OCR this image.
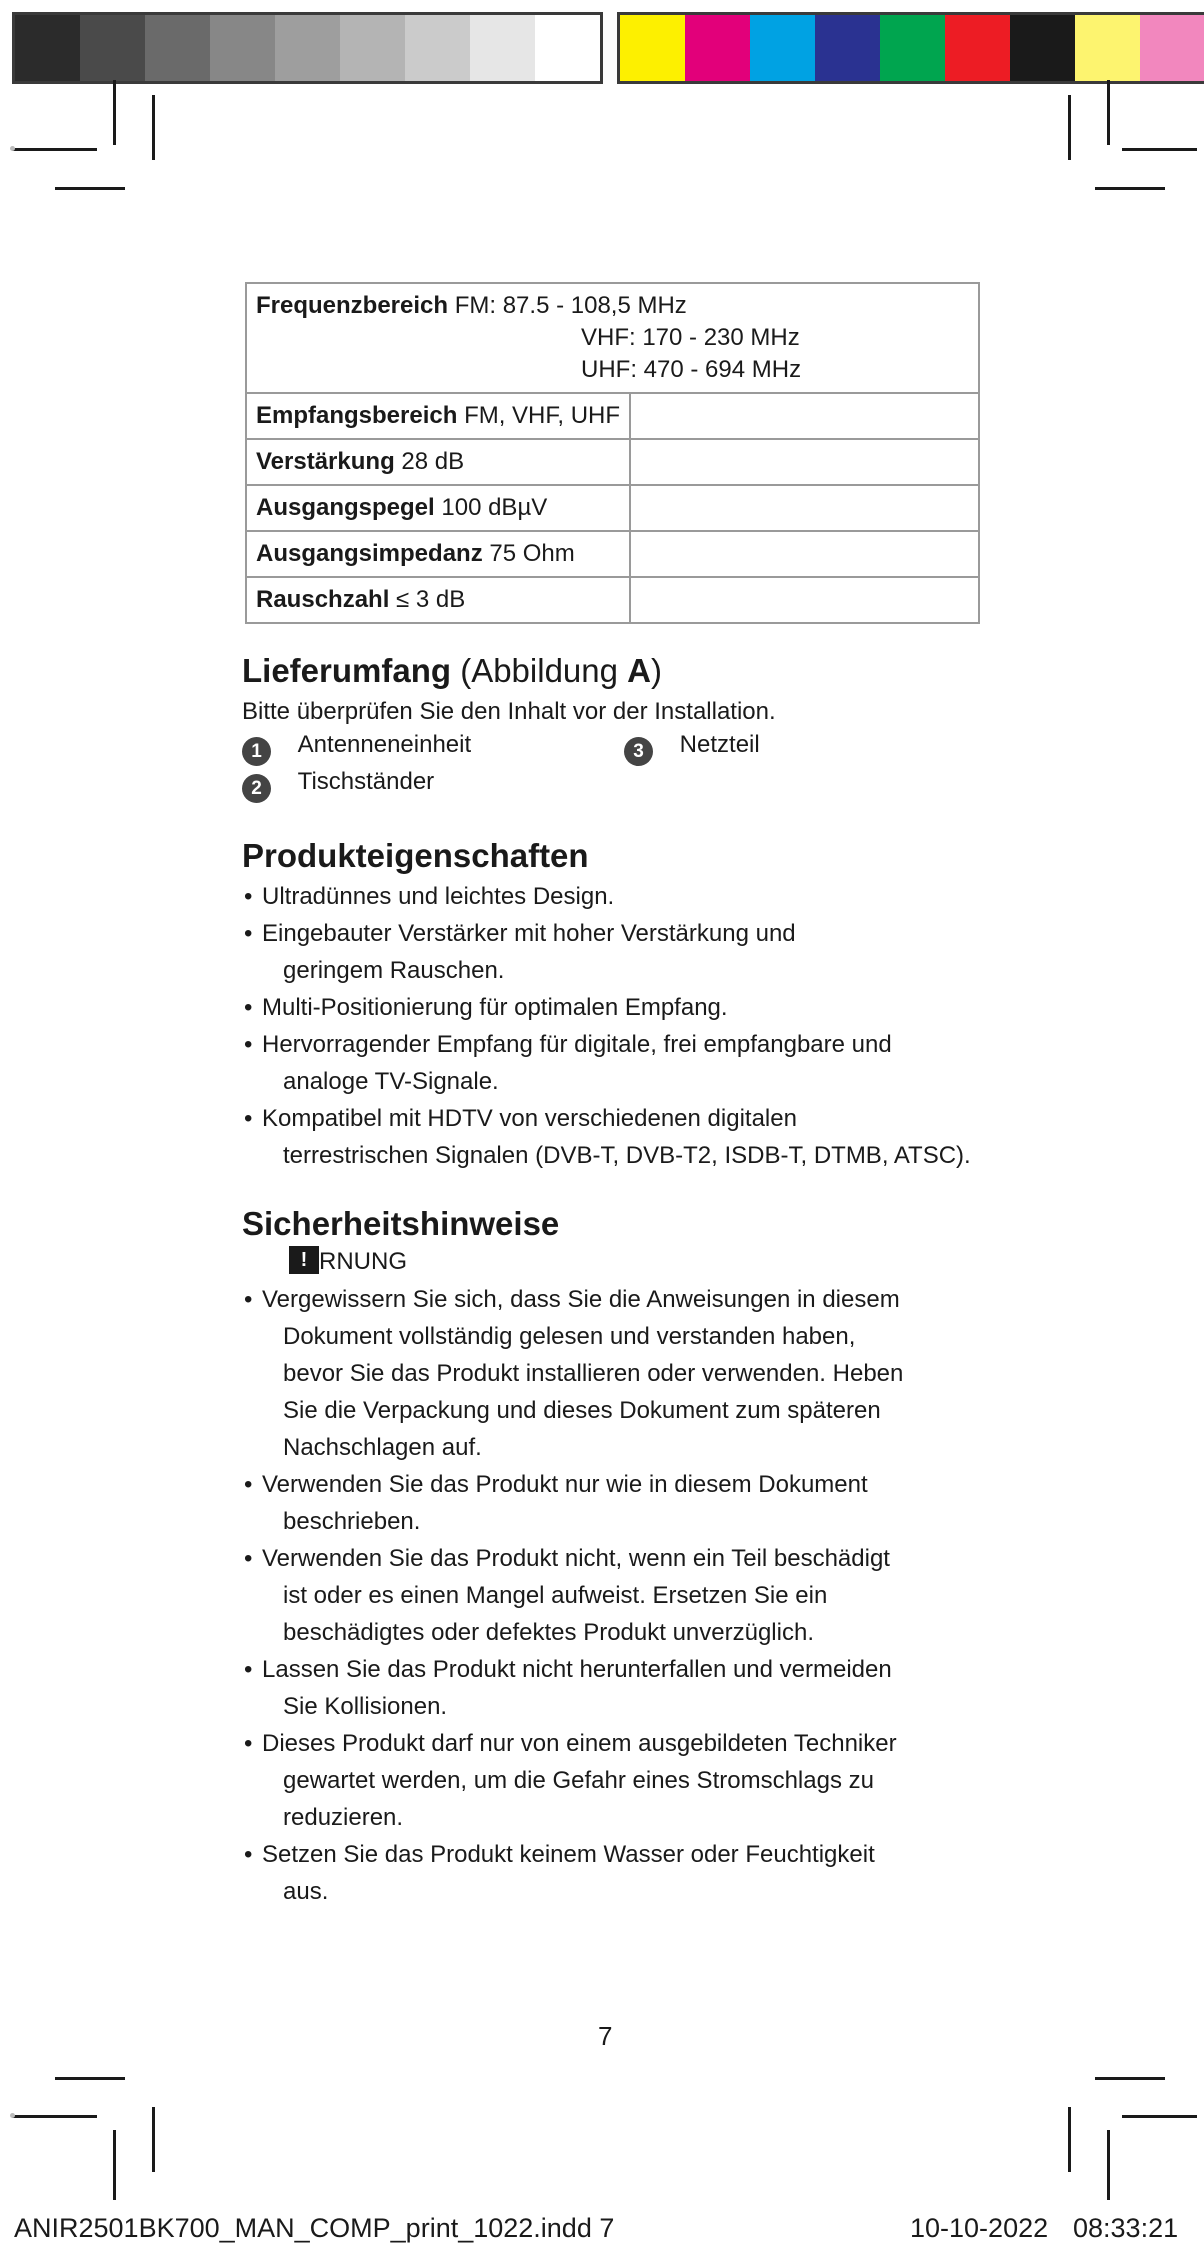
Frequenzbereich FM: 87.5 - 108,5 MHz
VHF: 170 - 230 MHz
UHF: 470 - 694 MHz	

Empfangsbereich FM, VHF, UHF	
Verstärkung 28 dB	
Ausgangspegel 100 dBµV	
Ausgangsimpedanz 75 Ohm	
Rauschzahl ≤ 3 dB	
Lieferumfang (Abbildung A)
Bitte überprüfen Sie den Inhalt vor der Installation.
1 Antenneneinheit	3 Netzteil
2 Tischständer
Produkteigenschaften
• Ultradünnes und leichtes Design.
• Eingebauter Verstärker mit hoher Verstärkung und
geringem Rauschen.
• Multi-Positionierung für optimalen Empfang.
• Hervorragender Empfang für digitale, frei empfangbare und
analoge TV-Signale.
• Kompatibel mit HDTV von verschiedenen digitalen
terrestrischen Signalen (DVB-T, DVB-T2, ISDB-T, DTMB, ATSC).
Sicherheitshinweise
!RNUNG
• Vergewissern Sie sich, dass Sie die Anweisungen in diesem
Dokument vollständig gelesen und verstanden haben,
bevor Sie das Produkt installieren oder verwenden. Heben
Sie die Verpackung und dieses Dokument zum späteren
Nachschlagen auf.
• Verwenden Sie das Produkt nur wie in diesem Dokument
beschrieben.
• Verwenden Sie das Produkt nicht, wenn ein Teil beschädigt
ist oder es einen Mangel aufweist. Ersetzen Sie ein
beschädigtes oder defektes Produkt unverzüglich.
• Lassen Sie das Produkt nicht herunterfallen und vermeiden
Sie Kollisionen.
• Dieses Produkt darf nur von einem ausgebildeten Techniker
gewartet werden, um die Gefahr eines Stromschlags zu
reduzieren.
• Setzen Sie das Produkt keinem Wasser oder Feuchtigkeit
aus.
7
ANIR2501BK700_MAN_COMP_print_1022.indd 7	10-10-2022 08:33:21
